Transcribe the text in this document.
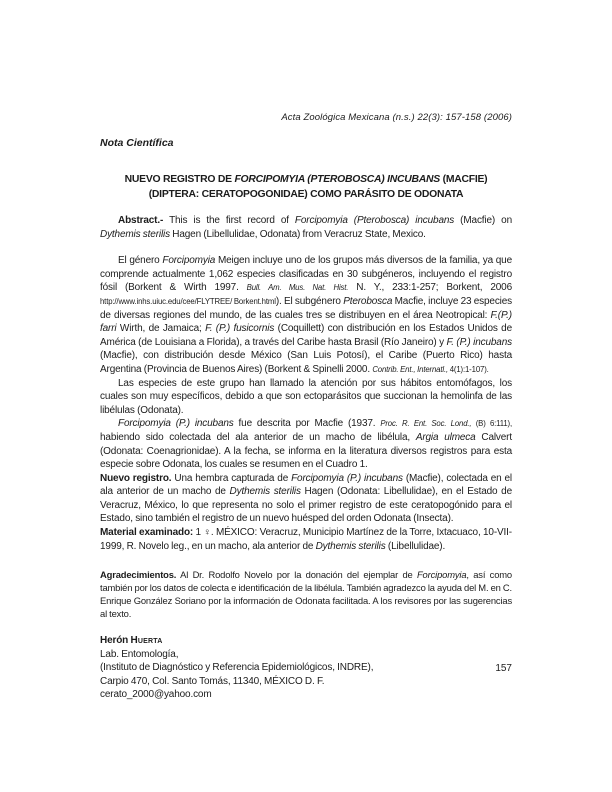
Acta Zoológica Mexicana (n.s.) 22(3): 157-158 (2006)

Nota Científica

NUEVO REGISTRO DE FORCIPOMYIA (PTEROBOSCA) INCUBANS (MACFIE)

(DIPTERA: CERATOPOGONIDAE) COMO PARÁSITO DE ODONATA

Abstract.- This is the first record of Forcipomyia (Pterobosca) incubans (Macfie) on Dythemis sterilis Hagen (Libellulidae, Odonata) from Veracruz State, Mexico.

El género Forcipomyia Meigen incluye uno de los grupos más diversos de la familia, ya que comprende actualmente 1,062 especies clasificadas en 30 subgéneros, incluyendo el registro fósil (Borkent & Wirth 1997. Bull. Am. Mus. Nat. Hist. N. Y., 233:1-257; Borkent, 2006 http://www.inhs.uiuc.edu/cee/FLYTREE/ Borkent.html). El subgénero Pterobosca Macfie, incluye 23 especies de diversas regiones del mundo, de las cuales tres se distribuyen en el área Neotropical: F.(P.) farri Wirth, de Jamaica; F. (P.) fusicornis (Coquillett) con distribución en los Estados Unidos de América (de Louisiana a Florida), a través del Caribe hasta Brasil (Río Janeiro) y F. (P.) incubans (Macfie), con distribución desde México (San Luis Potosí), el Caribe (Puerto Rico) hasta Argentina (Provincia de Buenos Aires) (Borkent & Spinelli 2000. Contrib. Ent., Internatl., 4(1):1-107).

Las especies de este grupo han llamado la atención por sus hábitos entomófagos, los cuales son muy específicos, debido a que son ectoparásitos que succionan la hemolinfa de las libélulas (Odonata).

Forcipomyia (P.) incubans fue descrita por Macfie (1937. Proc. R. Ent. Soc. Lond., (B) 6:111), habiendo sido colectada del ala anterior de un macho de libélula, Argia ulmeca Calvert (Odonata: Coenagrionidae). A la fecha, se informa en la literatura diversos registros para esta especie sobre Odonata, los cuales se resumen en el Cuadro 1.

Nuevo registro. Una hembra capturada de Forcipomyia (P.) incubans (Macfie), colectada en el ala anterior de un macho de Dythemis sterilis Hagen (Odonata: Libellulidae), en el Estado de Veracruz, México, lo que representa no solo el primer registro de este ceratopogónido para el Estado, sino también el registro de un nuevo huésped del orden Odonata (Insecta).

Material examinado: 1 ♀. MÉXICO: Veracruz, Municipio Martínez de la Torre, Ixtacuaco, 10-VII-1999, R. Novelo leg., en un macho, ala anterior de Dythemis sterilis (Libellulidae).

Agradecimientos. Al Dr. Rodolfo Novelo por la donación del ejemplar de Forcipomyia, así como también por los datos de colecta e identificación de la libélula. También agradezco la ayuda del M. en C. Enrique González Soriano por la información de Odonata facilitada. A los revisores por las sugerencias al texto.

Herón Huerta

Lab. Entomología,

(Instituto de Diagnóstico y Referencia Epidemiológicos, INDRE),

Carpio 470, Col. Santo Tomás, 11340, MÉXICO D. F.

cerato_2000@yahoo.com

157
